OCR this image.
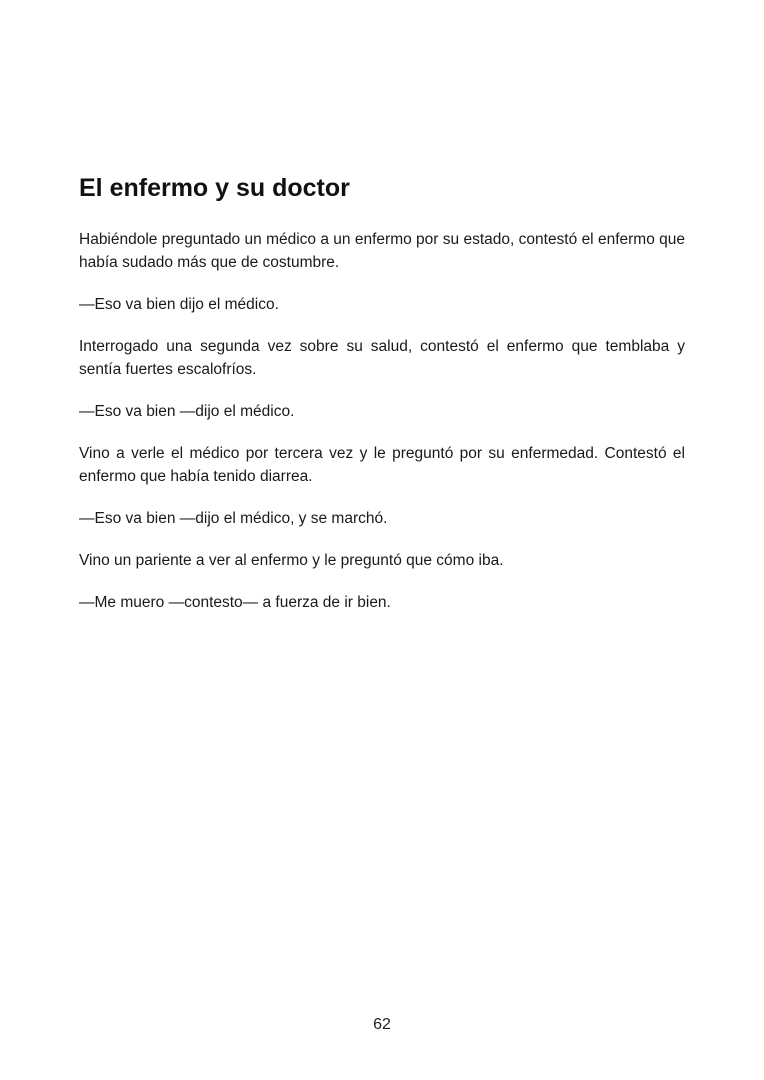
El enfermo y su doctor

Habiéndole preguntado un médico a un enfermo por su estado, contestó el enfermo que había sudado más que de costumbre.

—Eso va bien dijo el médico.

Interrogado una segunda vez sobre su salud, contestó el enfermo que temblaba y sentía fuertes escalofríos.

—Eso va bien —dijo el médico.

Vino a verle el médico por tercera vez y le preguntó por su enfermedad. Contestó el enfermo que había tenido diarrea.

—Eso va bien —dijo el médico, y se marchó.

Vino un pariente a ver al enfermo y le preguntó que cómo iba.

—Me muero —contesto— a fuerza de ir bien.

62
